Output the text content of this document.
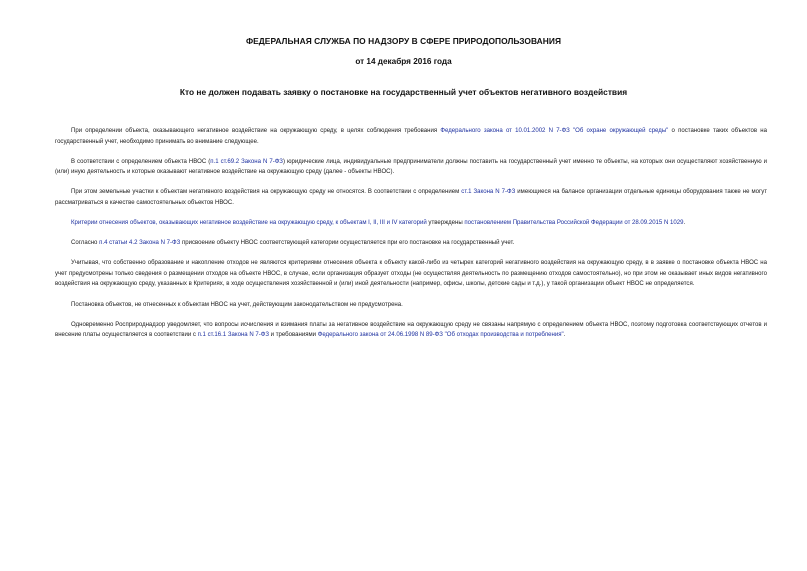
ФЕДЕРАЛЬНАЯ СЛУЖБА ПО НАДЗОРУ В СФЕРЕ ПРИРОДОПОЛЬЗОВАНИЯ
от 14 декабря 2016 года
Кто не должен подавать заявку о постановке на государственный учет объектов негативного воздействия

При определении объекта, оказывающего негативное воздействие на окружающую среду, в целях соблюдения требования Федерального закона от 10.01.2002 N 7-ФЗ "Об охране окружающей среды" о постановке таких объектов на государственный учет, необходимо принимать во внимание следующее.

В соответствии с определением объекта НВОС (п.1 ст.69.2 Закона N 7-ФЗ) юридические лица, индивидуальные предприниматели должны поставить на государственный учет именно те объекты, на которых они осуществляют хозяйственную и (или) иную деятельность и которые оказывают негативное воздействие на окружающую среду (далее - объекты НВОС).

При этом земельные участки к объектам негативного воздействия на окружающую среду не относятся. В соответствии с определением ст.1 Закона N 7-ФЗ имеющиеся на балансе организации отдельные единицы оборудования также не могут рассматриваться в качестве самостоятельных объектов НВОС.

Критерии отнесения объектов, оказывающих негативное воздействие на окружающую среду, к объектам I, II, III и IV категорий утверждены постановлением Правительства Российской Федерации от 28.09.2015 N 1029.

Согласно п.4 статьи 4.2 Закона N 7-ФЗ присвоение объекту НВОС соответствующей категории осуществляется при его постановке на государственный учет.

Учитывая, что собственно образование и накопление отходов не являются критериями отнесения объекта к объекту какой-либо из четырех категорий негативного воздействия на окружающую среду, в в заявке о постановке объекта НВОС на учет предусмотрены только сведения о размещении отходов на объекте НВОС, в случае, если организация образует отходы (не осуществляя деятельность по размещению отходов самостоятельно), но при этом не оказывает иных видов негативного воздействия на окружающую среду, указанных в Критериях, в ходе осуществления хозяйственной и (или) иной деятельности (например, офисы, школы, детские сады и т.д.), у такой организации объект НВОС не определяется.

Постановка объектов, не отнесенных к объектам НВОС на учет, действующим законодательством не предусмотрена.

Одновременно Росприроднадзор уведомляет, что вопросы исчисления и взимания платы за негативное воздействие на окружающую среду не связаны напрямую с определением объекта НВОС, поэтому подготовка соответствующих отчетов и внесение платы осуществляется в соответствии с п.1 ст.16.1 Закона N 7-ФЗ и требованиями Федерального закона от 24.06.1998 N 89-ФЗ "Об отходах производства и потребления".
